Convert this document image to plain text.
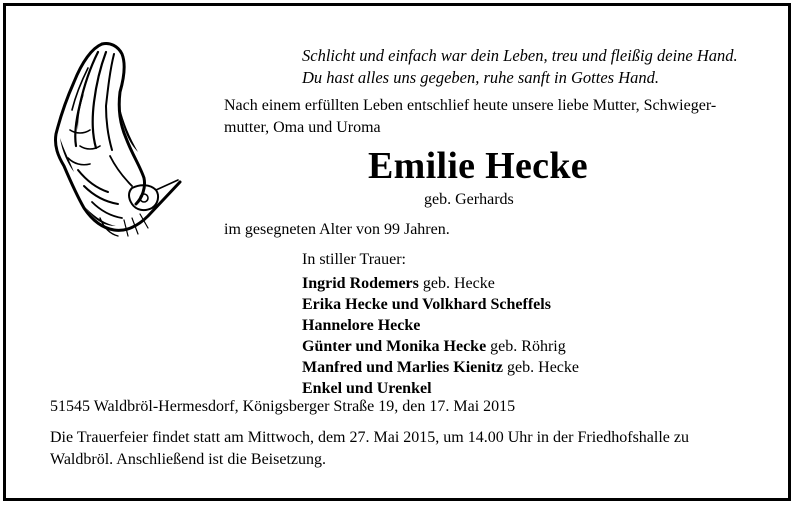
Schlicht und einfach war dein Leben, treu und fleißig deine Hand.
Du hast alles uns gegeben, ruhe sanft in Gottes Hand.
Nach einem erfüllten Leben entschlief heute unsere liebe Mutter, Schwieger-
mutter, Oma und Uroma
Emilie Hecke
geb. Gerhards
im gesegneten Alter von 99 Jahren.
In stiller Trauer:
Ingrid Rodemers geb. Hecke
Erika Hecke und Volkhard Scheffels
Hannelore Hecke
Günter und Monika Hecke geb. Röhrig
Manfred und Marlies Kienitz geb. Hecke
Enkel und Urenkel
51545 Waldbröl-Hermesdorf, Königsberger Straße 19, den 17. Mai 2015
Die Trauerfeier findet statt am Mittwoch, dem 27. Mai 2015, um 14.00 Uhr in der Friedhofshalle zu
Waldbröl. Anschließend ist die Beisetzung.
